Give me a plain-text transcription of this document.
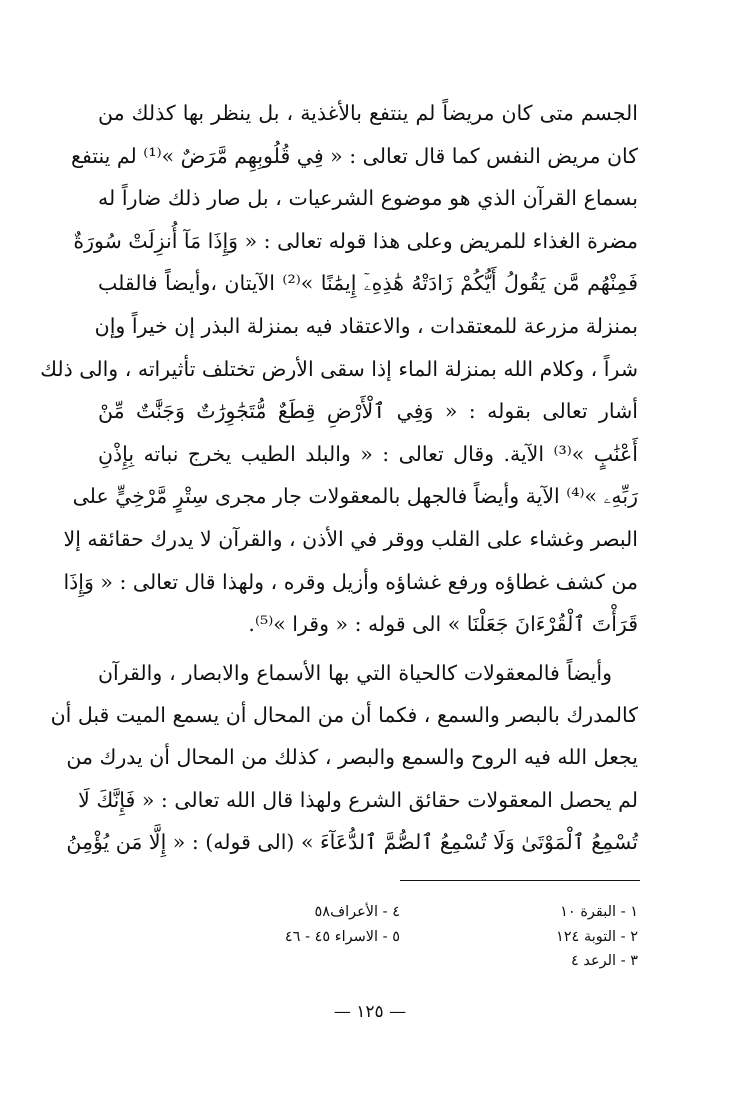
الجسم متى كان مريضاً لم ينتفع بالأغذية ، بل ينظر بها كذلك من
كان مريض النفس كما قال تعالى : « فِي قُلُوبِهِم مَّرَضٌ »⁽¹⁾ لم ينتفع
بسماع القرآن الذي هو موضوع الشرعيات ، بل صار ذلك ضاراً له
مضرة الغذاء للمريض وعلى هذا قوله تعالى : « وَإِذَا مَآ أُنزِلَتْ سُورَةٌ
فَمِنْهُم مَّن يَقُولُ أَيُّكُمْ زَادَتْهُ هَٰذِهِۦٓ إِيمَٰنًا »⁽²⁾ الآيتان ،وأيضاً فالقلب
بمنزلة مزرعة للمعتقدات ، والاعتقاد فيه بمنزلة البذر إن خيراً وإن
شراً ، وكلام الله بمنزلة الماء إذا سقى الأرض تختلف تأثيراته ، والى ذلك
أشار تعالى بقوله : « وَفِي ٱلْأَرْضِ قِطَعٌ مُّتَجَٰوِرَٰتٌ وَجَنَّٰتٌ مِّنْ
أَعْنَٰبٍ »⁽³⁾ الآية. وقال تعالى : « والبلد الطيب يخرج نباته بِإِذْنِ
رَبِّهِۦ »⁽⁴⁾ الآية وأيضاً فالجهل بالمعقولات جار مجرى سِتْرٍ مَّرْخِيٍّ على
البصر وغشاء على القلب ووقر في الأذن ، والقرآن لا يدرك حقائقه إلا
من كشف غطاؤه ورفع غشاؤه وأزيل وقره ، ولهذا قال تعالى : « وَإِذَا
قَرَأْتَ ٱلْقُرْءَانَ جَعَلْنَا » الى قوله : « وقرا »⁽⁵⁾.
وأيضاً فالمعقولات كالحياة التي بها الأسماع والابصار ، والقرآن
كالمدرك بالبصر والسمع ، فكما أن من المحال أن يسمع الميت قبل أن
يجعل الله فيه الروح والسمع والبصر ، كذلك من المحال أن يدرك من
لم يحصل المعقولات حقائق الشرع ولهذا قال الله تعالى : « فَإِنَّكَ لَا
تُسْمِعُ ٱلْمَوْتَىٰ وَلَا تُسْمِعُ ٱلصُّمَّ ٱلدُّعَآءَ » (الى قوله) : « إِلَّا مَن يُؤْمِنُ
١ - البقرة ١٠
٢ - التوبة ١٢٤
٣ - الرعد ٤
٤ - الأعراف٥٨
٥ - الاسراء ٤٥ - ٤٦
— ١٢٥ —
